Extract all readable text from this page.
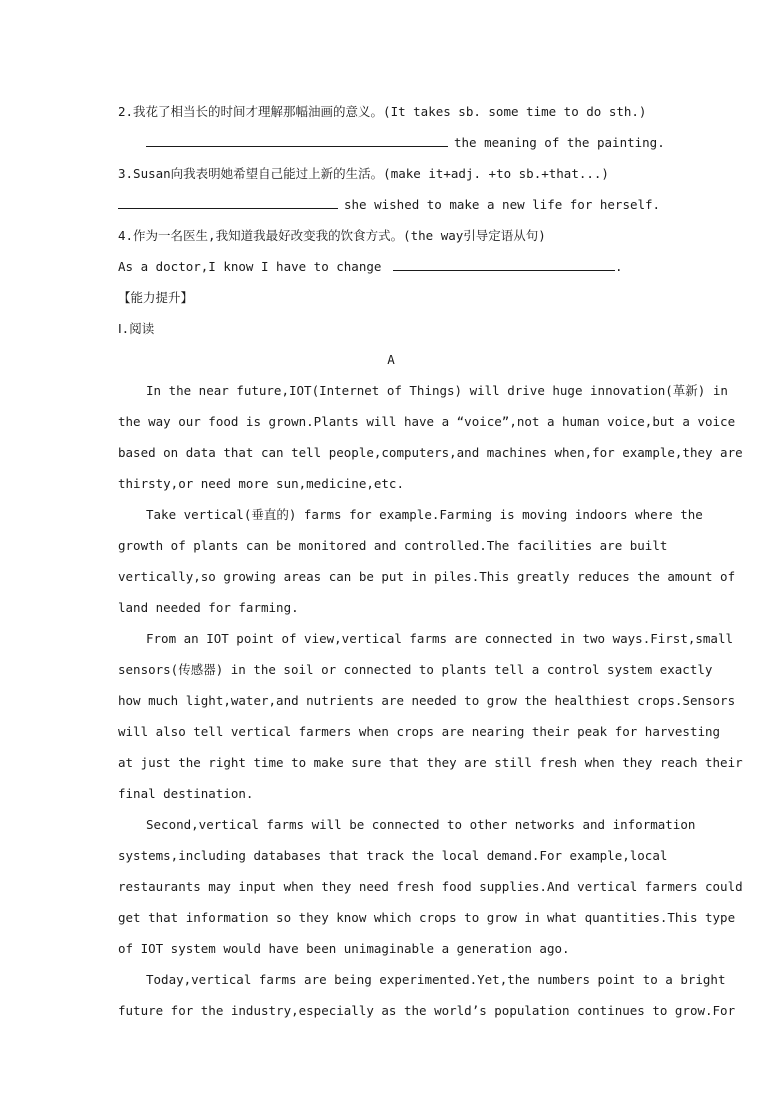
2.我花了相当长的时间才理解那幅油画的意义。(It takes sb. some time to do sth.)
the meaning of the painting.
3.Susan向我表明她希望自己能过上新的生活。(make it+adj. +to sb.+that...)
she wished to make a new life for herself.
4.作为一名医生,我知道我最好改变我的饮食方式。(the way引导定语从句)
As a doctor,I know I have to change	.
【能力提升】
Ⅰ.阅读
A
In the near future,IOT(Internet of Things) will drive huge innovation(革新) in
the way our food is grown.Plants will have a “voice”,not a human voice,but a voice
based on data that can tell people,computers,and machines when,for example,they are
thirsty,or need more sun,medicine,etc.
Take vertical(垂直的) farms for example.Farming is moving indoors where the
growth of plants can be monitored and controlled.The facilities are built
vertically,so growing areas can be put in piles.This greatly reduces the amount of
land needed for farming.
From an IOT point of view,vertical farms are connected in two ways.First,small
sensors(传感器) in the soil or connected to plants tell a control system exactly
how much light,water,and nutrients are needed to grow the healthiest crops.Sensors
will also tell vertical farmers when crops are nearing their peak for harvesting
at just the right time to make sure that they are still fresh when they reach their
final destination.
Second,vertical farms will be connected to other networks and information
systems,including databases that track the local demand.For example,local
restaurants may input when they need fresh food supplies.And vertical farmers could
get that information so they know which crops to grow in what quantities.This type
of IOT system would have been unimaginable a generation ago.
Today,vertical farms are being experimented.Yet,the numbers point to a bright
future for the industry,especially as the world’s population continues to grow.For
